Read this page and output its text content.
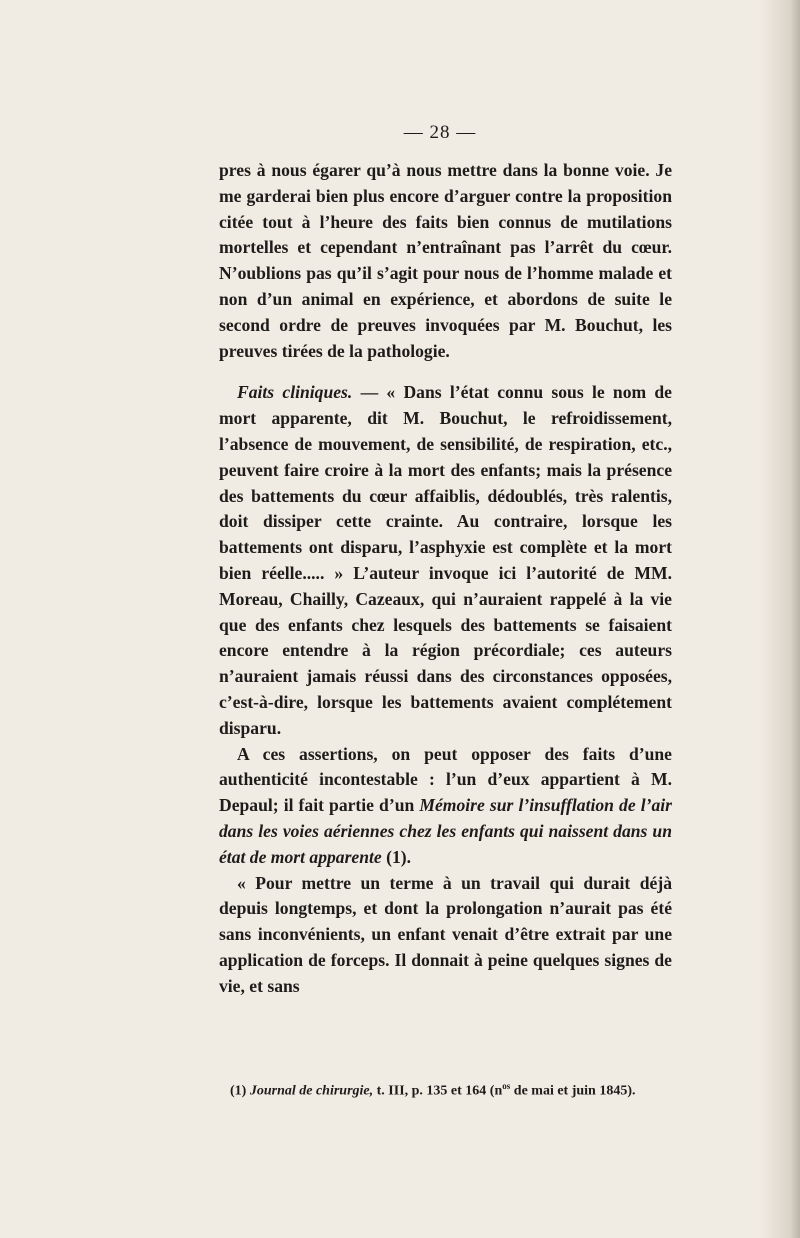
— 28 —

pres à nous égarer qu’à nous mettre dans la bonne voie. Je me garderai bien plus encore d’arguer contre la proposition citée tout à l’heure des faits bien connus de mutilations mortelles et cependant n’entraînant pas l’arrêt du cœur. N’oublions pas qu’il s’agit pour nous de l’homme malade et non d’un animal en expérience, et abordons de suite le second ordre de preuves invoquées par M. Bouchut, les preuves tirées de la pathologie.

Faits cliniques. — « Dans l’état connu sous le nom de mort apparente, dit M. Bouchut, le refroidissement, l’absence de mouvement, de sensibilité, de respiration, etc., peuvent faire croire à la mort des enfants; mais la présence des battements du cœur affaiblis, dédoublés, très ralentis, doit dissiper cette crainte. Au contraire, lorsque les battements ont disparu, l’asphyxie est complète et la mort bien réelle..... » L’auteur invoque ici l’autorité de MM. Moreau, Chailly, Cazeaux, qui n’auraient rappelé à la vie que des enfants chez lesquels des battements se faisaient encore entendre à la région précordiale; ces auteurs n’auraient jamais réussi dans des circonstances opposées, c’est-à-dire, lorsque les battements avaient complétement disparu.

A ces assertions, on peut opposer des faits d’une authenticité incontestable : l’un d’eux appartient à M. Depaul; il fait partie d’un Mémoire sur l’insufflation de l’air dans les voies aériennes chez les enfants qui naissent dans un état de mort apparente (1).

« Pour mettre un terme à un travail qui durait déjà depuis longtemps, et dont la prolongation n’aurait pas été sans inconvénients, un enfant venait d’être extrait par une application de forceps. Il donnait à peine quelques signes de vie, et sans

(1) Journal de chirurgie, t. III, p. 135 et 164 ($n^{os}$ de mai et juin 1845).
